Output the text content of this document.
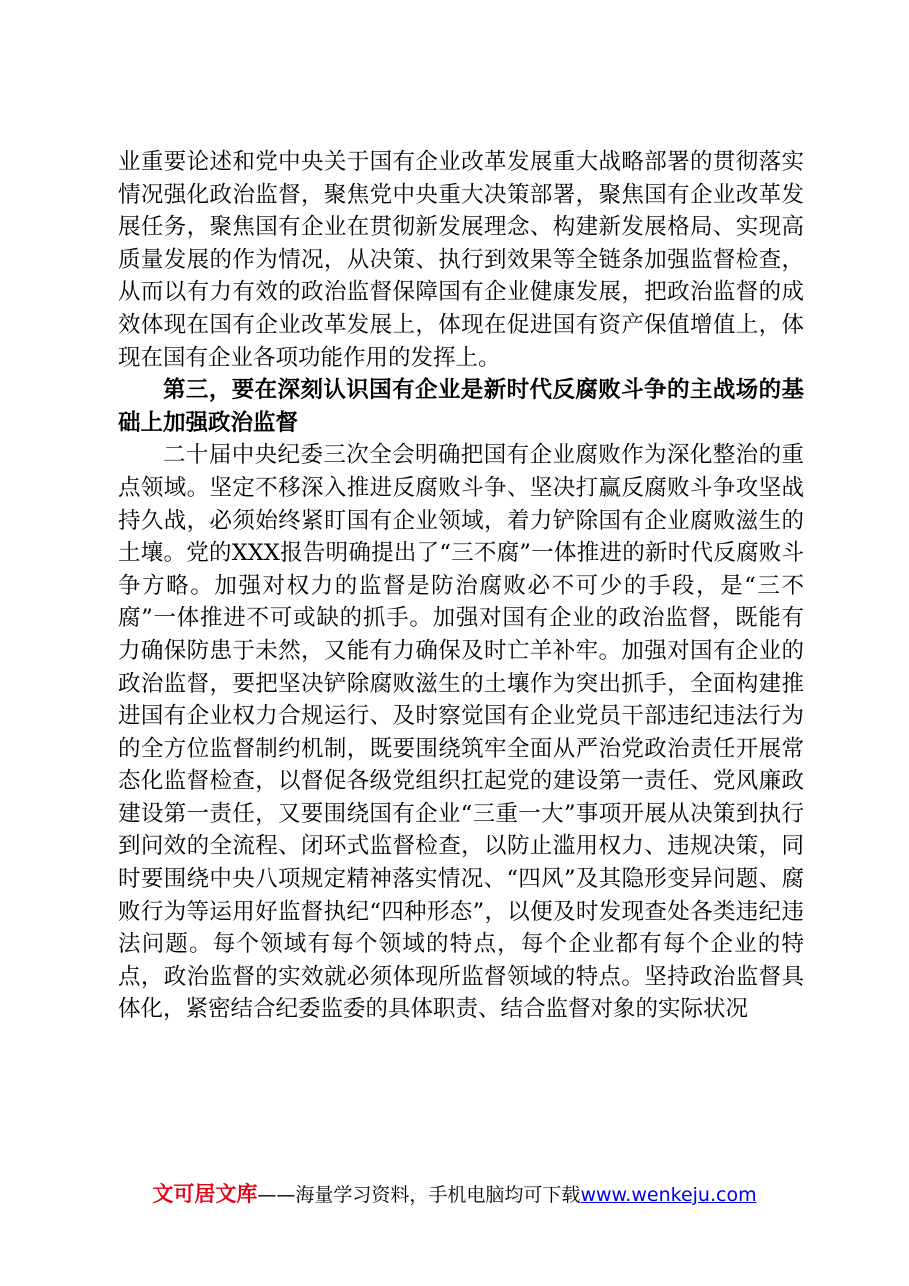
业重要论述和党中央关于国有企业改革发展重大战略部署的贯彻落实情况强化政治监督，聚焦党中央重大决策部署，聚焦国有企业改革发展任务，聚焦国有企业在贯彻新发展理念、构建新发展格局、实现高质量发展的作为情况，从决策、执行到效果等全链条加强监督检查，从而以有力有效的政治监督保障国有企业健康发展，把政治监督的成效体现在国有企业改革发展上，体现在促进国有资产保值增值上，体现在国有企业各项功能作用的发挥上。

第三，要在深刻认识国有企业是新时代反腐败斗争的主战场的基础上加强政治监督

二十届中央纪委三次全会明确把国有企业腐败作为深化整治的重点领域。坚定不移深入推进反腐败斗争、坚决打赢反腐败斗争攻坚战持久战，必须始终紧盯国有企业领域，着力铲除国有企业腐败滋生的土壤。党的XXX报告明确提出了“三不腐”一体推进的新时代反腐败斗争方略。加强对权力的监督是防治腐败必不可少的手段，是“三不腐”一体推进不可或缺的抓手。加强对国有企业的政治监督，既能有力确保防患于未然，又能有力确保及时亡羊补牢。加强对国有企业的政治监督，要把坚决铲除腐败滋生的土壤作为突出抓手，全面构建推进国有企业权力合规运行、及时察觉国有企业党员干部违纪违法行为的全方位监督制约机制，既要围绕筑牢全面从严治党政治责任开展常态化监督检查，以督促各级党组织扛起党的建设第一责任、党风廉政建设第一责任，又要围绕国有企业“三重一大”事项开展从决策到执行到问效的全流程、闭环式监督检查，以防止滥用权力、违规决策，同时要围绕中央八项规定精神落实情况、“四风”及其隐形变异问题、腐败行为等运用好监督执纪“四种形态”，以便及时发现查处各类违纪违法问题。每个领域有每个领域的特点，每个企业都有每个企业的特点，政治监督的实效就必须体现所监督领域的特点。坚持政治监督具体化，紧密结合纪委监委的具体职责、结合监督对象的实际状况

文可居文库——海量学习资料，手机电脑均可下载www.wenkeju.com
